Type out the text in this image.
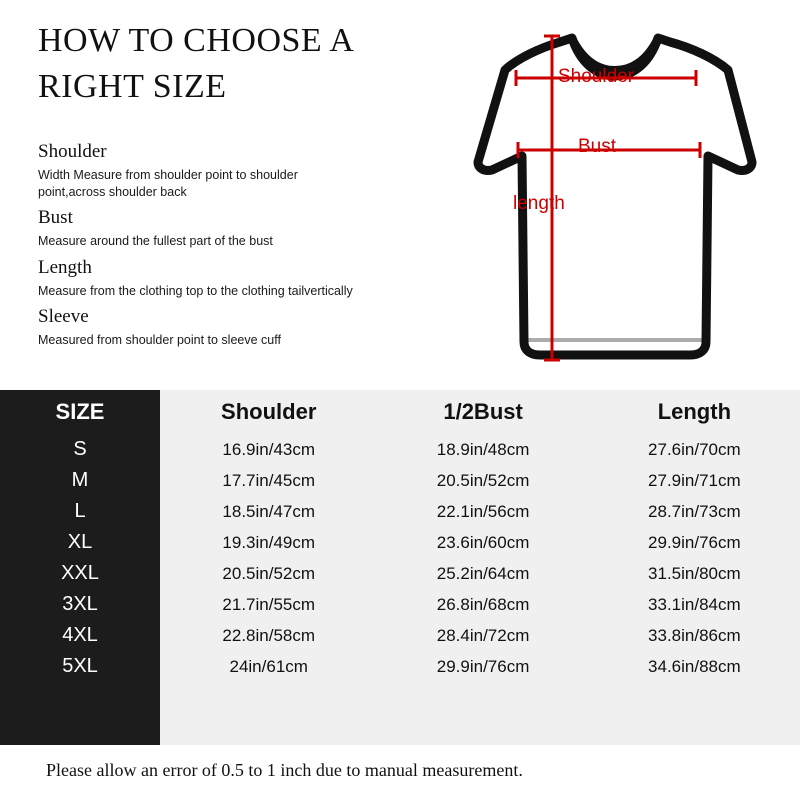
HOW TO CHOOSE A RIGHT SIZE
Shoulder
Width Measure from shoulder point to shoulder point,across shoulder back
Bust
Measure around the fullest part of the bust
Length
Measure from the clothing top to the clothing tailvertically
Sleeve
Measured from shoulder point to sleeve cuff
Shoulder
Bust
length
SIZE	Shoulder	1/2Bust	Length
S	16.9in/43cm	18.9in/48cm	27.6in/70cm
M	17.7in/45cm	20.5in/52cm	27.9in/71cm
L	18.5in/47cm	22.1in/56cm	28.7in/73cm
XL	19.3in/49cm	23.6in/60cm	29.9in/76cm
XXL	20.5in/52cm	25.2in/64cm	31.5in/80cm
3XL	21.7in/55cm	26.8in/68cm	33.1in/84cm
4XL	22.8in/58cm	28.4in/72cm	33.8in/86cm
5XL	24in/61cm	29.9in/76cm	34.6in/88cm
Please allow an error of 0.5 to 1 inch due to manual measurement.
